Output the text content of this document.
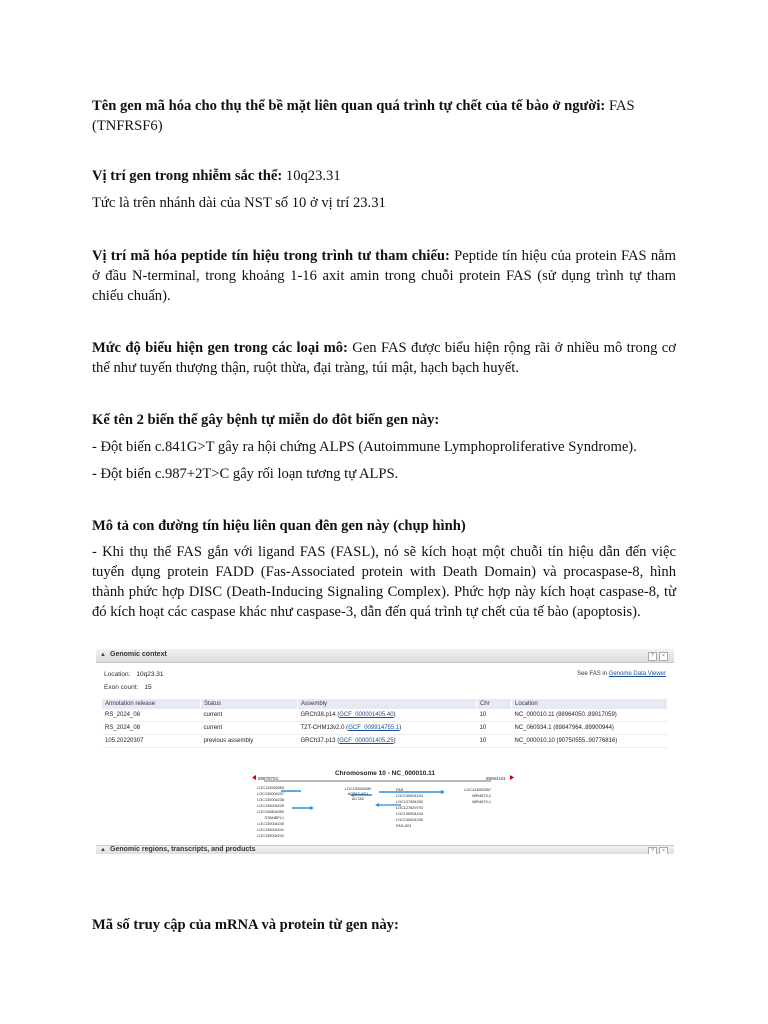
Tên gen mã hóa cho thụ thể bề mặt liên quan quá trình tự chết của tế bào ở người: FAS (TNFRSF6)

Vị trí gen trong nhiễm sắc thể: 10q23.31

Tức là trên nhánh dài của NST số 10 ở vị trí 23.31

Vị trí mã hóa peptide tín hiệu trong trình tư tham chiếu: Peptide tín hiệu của protein FAS nằm ở đầu N-terminal, trong khoảng 1-16 axit amin trong chuỗi protein FAS (sử dụng trình tự tham chiếu chuẩn).

Mức độ biểu hiện gen trong các loại mô: Gen FAS được biểu hiện rộng rãi ở nhiều mô trong cơ thể như tuyến thượng thận, ruột thừa, đại tràng, túi mật, hạch bạch huyết.

Kể tên 2 biến thể gây bệnh tự miễn do đôt biến gen này:

- Đột biến c.841G>T gây ra hội chứng ALPS (Autoimmune Lymphoproliferative Syndrome).

- Đột biến c.987+2T>C gây rối loạn tương tự ALPS.

Mô tả con đường tín hiệu liên quan đên gen này (chụp hình)

- Khi thụ thể FAS gắn với ligand FAS (FASL), nó sẽ kích hoạt một chuỗi tín hiệu dẫn đến việc tuyển dụng protein FADD (Fas-Associated protein with Death Domain) và procaspase-8, hình thành phức hợp DISC (Death-Inducing Signaling Complex). Phức hợp này kích hoạt caspase-8, từ đó kích hoạt các caspase khác như caspase-3, dẫn đến quá trình tự chết của tế bào (apoptosis).

▲ Genomic context	? ×
Location: 10q23.31
Exon count: 15
See FAS in Genome Data Viewer
Annotation release	Status	Assembly	Chr	Location
RS_2024_08	current	GRCh38.p14 (GCF_000001405.40)	10	NC_000010.11 (88964050..89017059)
RS_2024_08	current	T2T-CHM13v2.0 (GCF_009914755.1)	10	NC_060934.1 (89847964..89900944)
105.20220307	previous assembly	GRCh37.p13 (GCF_000001405.25)	10	NC_000010.10 (90750555..90776816)
88879704	89064161
Chromosome 10 - NC_000010.11
LOC124902553
LOC130004237
LOC130004238
LOC130004239
LOC106804950
STAMBPL1
LOC130004240
LOC130004241
LOC130004242
LOC130004250
ACTA2-AS1
ACTA2
FAS
LOC130004243
LOC107984250
LOC127829793
LOC130004244
LOC130004245
FAS-AS1
LOC124902557
MIR4679-2
MIR4679-1
▲ Genomic regions, transcripts, and products	? ×

Mã số truy cập của mRNA và protein từ gen này:
